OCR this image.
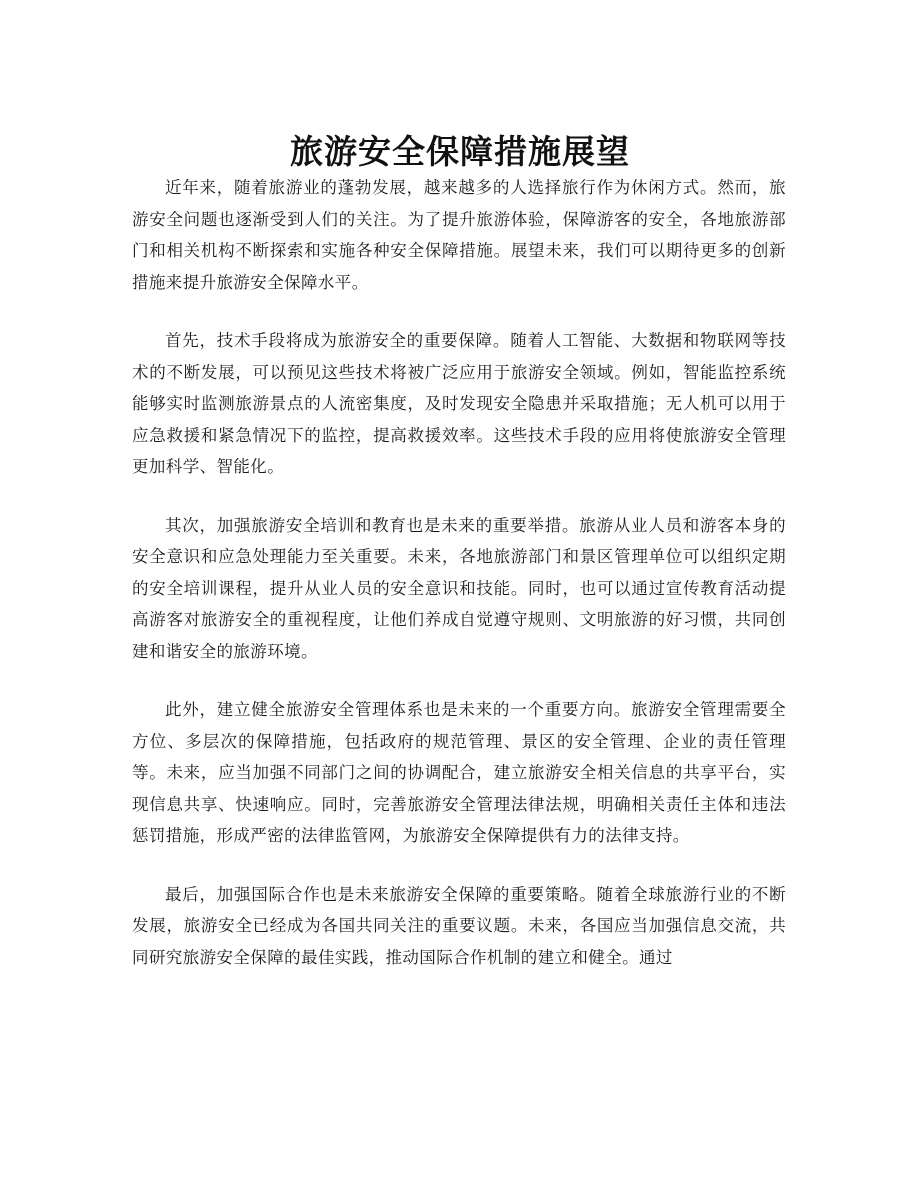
旅游安全保障措施展望

近年来，随着旅游业的蓬勃发展，越来越多的人选择旅行作为休闲方式。然而，旅游安全问题也逐渐受到人们的关注。为了提升旅游体验，保障游客的安全，各地旅游部门和相关机构不断探索和实施各种安全保障措施。展望未来，我们可以期待更多的创新措施来提升旅游安全保障水平。

首先，技术手段将成为旅游安全的重要保障。随着人工智能、大数据和物联网等技术的不断发展，可以预见这些技术将被广泛应用于旅游安全领域。例如，智能监控系统能够实时监测旅游景点的人流密集度，及时发现安全隐患并采取措施；无人机可以用于应急救援和紧急情况下的监控，提高救援效率。这些技术手段的应用将使旅游安全管理更加科学、智能化。

其次，加强旅游安全培训和教育也是未来的重要举措。旅游从业人员和游客本身的安全意识和应急处理能力至关重要。未来，各地旅游部门和景区管理单位可以组织定期的安全培训课程，提升从业人员的安全意识和技能。同时，也可以通过宣传教育活动提高游客对旅游安全的重视程度，让他们养成自觉遵守规则、文明旅游的好习惯，共同创建和谐安全的旅游环境。

此外，建立健全旅游安全管理体系也是未来的一个重要方向。旅游安全管理需要全方位、多层次的保障措施，包括政府的规范管理、景区的安全管理、企业的责任管理等。未来，应当加强不同部门之间的协调配合，建立旅游安全相关信息的共享平台，实现信息共享、快速响应。同时，完善旅游安全管理法律法规，明确相关责任主体和违法惩罚措施，形成严密的法律监管网，为旅游安全保障提供有力的法律支持。

最后，加强国际合作也是未来旅游安全保障的重要策略。随着全球旅游行业的不断发展，旅游安全已经成为各国共同关注的重要议题。未来，各国应当加强信息交流，共同研究旅游安全保障的最佳实践，推动国际合作机制的建立和健全。通过
